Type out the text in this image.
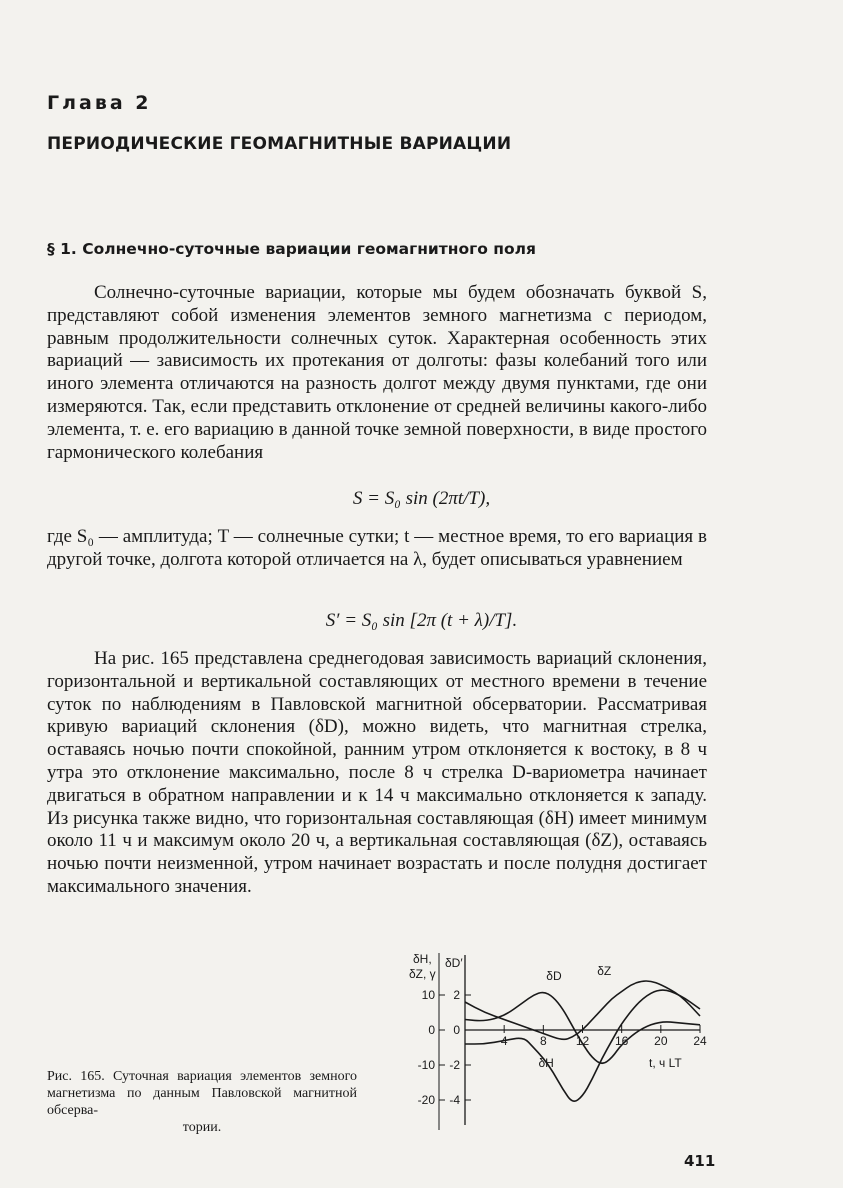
Глава 2
ПЕРИОДИЧЕСКИЕ ГЕОМАГНИТНЫЕ ВАРИАЦИИ
§ 1. Солнечно-суточные вариации геомагнитного поля

Солнечно-суточные вариации, которые мы будем обозначать буквой S, представляют собой изменения элементов земного магнетизма с периодом, равным продолжительности солнечных суток. Характерная особенность этих вариаций — зависимость их протекания от долготы: фазы колебаний того или иного элемента отличаются на разность долгот между двумя пунктами, где они измеряются. Так, если представить отклонение от средней величины какого-либо элемента, т. е. его вариацию в данной точке земной поверхности, в виде простого гармонического колебания

S = S₀ sin (2πt/T),

где S₀ — амплитуда; T — солнечные сутки; t — местное время, то его вариация в другой точке, долгота которой отличается на λ, будет описываться уравнением

S′ = S₀ sin [2π (t + λ)/T].

На рис. 165 представлена среднегодовая зависимость вариаций склонения, горизонтальной и вертикальной составляющих от местного времени в течение суток по наблюдениям в Павловской магнитной обсерватории. Рассматривая кривую вариаций склонения (δD), можно видеть, что магнитная стрелка, оставаясь ночью почти спокойной, ранним утром отклоняется к востоку, в 8 ч утра это отклонение максимально, после 8 ч стрелка D-вариометра начинает двигаться в обратном направлении и к 14 ч максимально отклоняется к западу. Из рисунка также видно, что горизонтальная составляющая (δH) имеет минимум около 11 ч и максимум около 20 ч, а вертикальная составляющая (δZ), оставаясь ночью почти неизменной, утром начинает возрастать и после полудня достигает максимального значения.

10
0
-10
-20
2
0
-2
-4
4	8 12 16 20 24
δD	δZ
δH
δH,
δZ, γ
δD′
t, ч LT
Рис. 165. Суточная вариация элементов земного магнетизма по данным Павловской магнитной обсерва-
тории.
411
